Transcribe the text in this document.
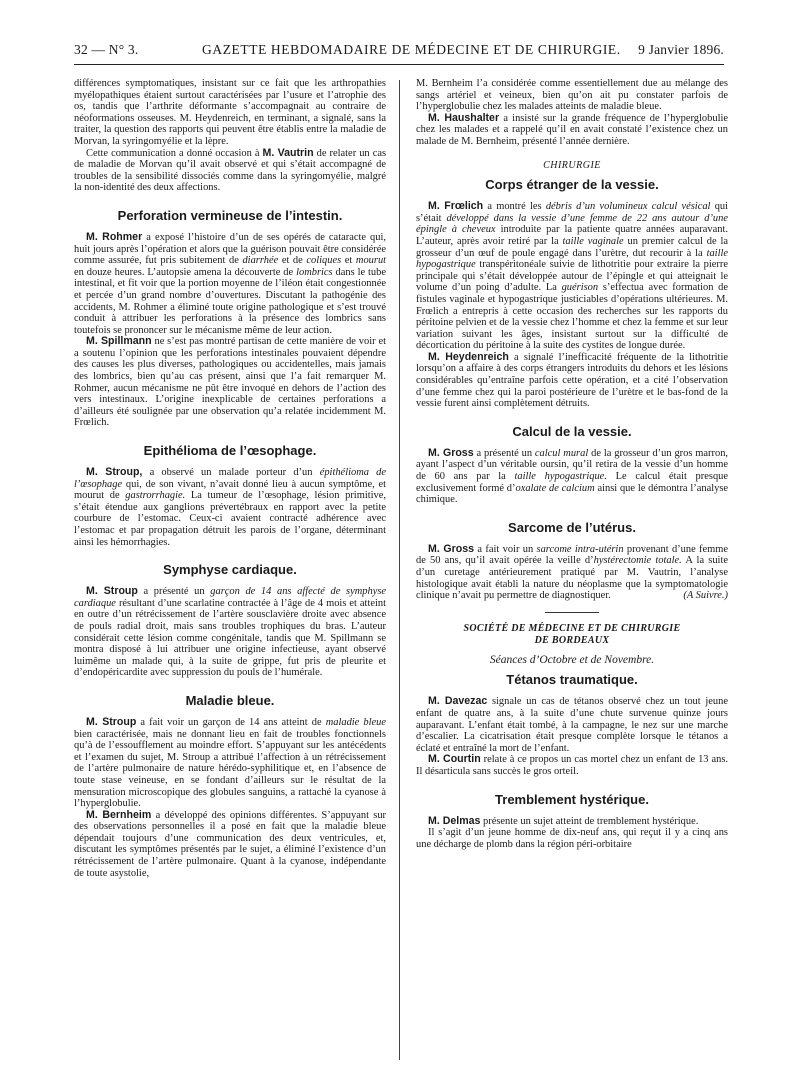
32 — N° 3.	GAZETTE HEBDOMADAIRE DE MÉDECINE ET DE CHIRURGIE. 9 Janvier 1896.

différences symptomatiques, insistant sur ce fait que les arthropathies myélopathiques étaient surtout caractérisées par l’usure et l’atrophie des os, tandis que l’arthrite déformante s’accompagnait au contraire de néoformations osseuses. M. Heydenreich, en terminant, a signalé, sans la traiter, la question des rapports qui peuvent être établis entre la maladie de Morvan, la syringomyélie et la lèpre.

Cette communication a donné occasion à M. Vautrin de relater un cas de maladie de Morvan qu’il avait observé et qui s’était accompagné de troubles de la sensibilité dissociés comme dans la syringomyélie, malgré la non-identité des deux affections.

Perforation vermineuse de l’intestin.

M. Rohmer a exposé l’histoire d’un de ses opérés de cataracte qui, huit jours après l’opération et alors que la guérison pouvait être considérée comme assurée, fut pris subitement de diarrhée et de coliques et mourut en douze heures. L’autopsie amena la découverte de lombrics dans le tube intestinal, et fit voir que la portion moyenne de l’iléon était congestionnée et percée d’un grand nombre d’ouvertures. Discutant la pathogénie des accidents, M. Rohmer a éliminé toute origine pathologique et s’est trouvé conduit à attribuer les perforations à la présence des lombrics sans toutefois se prononcer sur le mécanisme même de leur action.

M. Spillmann ne s’est pas montré partisan de cette manière de voir et a soutenu l’opinion que les perforations intestinales pouvaient dépendre des causes les plus diverses, pathologiques ou accidentelles, mais jamais des lombrics, bien qu’au cas présent, ainsi que l’a fait remarquer M. Rohmer, aucun mécanisme ne pût être invoqué en dehors de l’action des vers intestinaux. L’origine inexplicable de certaines perforations a d’ailleurs été soulignée par une observation qu’a relatée incidemment M. Frœlich.

Epithélioma de l’œsophage.

M. Stroup, a observé un malade porteur d’un épithélioma de l’œsophage qui, de son vivant, n’avait donné lieu à aucun symptôme, et mourut de gastrorrhagie. La tumeur de l’œsophage, lésion primitive, s’était étendue aux ganglions prévertébraux en rapport avec la petite courbure de l’estomac. Ceux-ci avaient contracté adhérence avec l’estomac et par propagation détruit les parois de l’organe, déterminant ainsi les hémorrhagies.

Symphyse cardiaque.

M. Stroup a présenté un garçon de 14 ans affecté de symphyse cardiaque résultant d’une scarlatine contractée à l’âge de 4 mois et atteint en outre d’un rétrécissement de l’artère sousclavière droite avec absence de pouls radial droit, mais sans troubles trophiques du bras. L’auteur considérait cette lésion comme congénitale, tandis que M. Spillmann se montra disposé à lui attribuer une origine infectieuse, ayant observé luimême un malade qui, à la suite de grippe, fut pris de pleurite et d’endopéricardite avec suppression du pouls de l’humérale.

Maladie bleue.

M. Stroup a fait voir un garçon de 14 ans atteint de maladie bleue bien caractérisée, mais ne donnant lieu en fait de troubles fonctionnels qu’à de l’essoufflement au moindre effort. S’appuyant sur les antécédents et l’examen du sujet, M. Stroup a attribué l’affection à un rétrécissement de l’artère pulmonaire de nature hérédo-syphilitique et, en l’absence de toute stase veineuse, en se fondant d’ailleurs sur le résultat de la mensuration microscopique des globules sanguins, a rattaché la cyanose à l’hyperglobulie.

M. Bernheim a développé des opinions différentes. S’appuyant sur des observations personnelles il a posé en fait que la maladie bleue dépendait toujours d’une communication des deux ventricules, et, discutant les symptômes présentés par le sujet, a éliminé l’existence d’un rétrécissement de l’artère pulmonaire. Quant à la cyanose, indépendante de toute asystolie,

M. Bernheim l’a considérée comme essentiellement due au mélange des sangs artériel et veineux, bien qu’on ait pu constater parfois de l’hyperglobulie chez les malades atteints de maladie bleue.

M. Haushalter a insisté sur la grande fréquence de l’hyperglobulie chez les malades et a rappelé qu’il en avait constaté l’existence chez un malade de M. Bernheim, présenté l’année dernière.

CHIRURGIE
Corps étranger de la vessie.

M. Frœlich a montré les débris d’un volumineux calcul vésical qui s’était développé dans la vessie d’une femme de 22 ans autour d’une épingle à cheveux introduite par la patiente quatre années auparavant. L’auteur, après avoir retiré par la taille vaginale un premier calcul de la grosseur d’un œuf de poule engagé dans l’urètre, dut recourir à la taille hypogastrique transpéritonéale suivie de lithotritie pour extraire la pierre principale qui s’était développée autour de l’épingle et qui atteignait le volume d’un poing d’adulte. La guérison s’effectua avec formation de fistules vaginale et hypogastrique justiciables d’opérations ultérieures. M. Frœlich a entrepris à cette occasion des recherches sur les rapports du péritoine pelvien et de la vessie chez l’homme et chez la femme et sur leur variation suivant les âges, insistant surtout sur la difficulté de décortication du péritoine à la suite des cystites de longue durée.

M. Heydenreich a signalé l’inefficacité fréquente de la lithotritie lorsqu’on a affaire à des corps étrangers introduits du dehors et les lésions considérables qu’entraîne parfois cette opération, et a cité l’observation d’une femme chez qui la paroi postérieure de l’urètre et le bas-fond de la vessie furent ainsi complètement détruits.

Calcul de la vessie.

M. Gross a présenté un calcul mural de la grosseur d’un gros marron, ayant l’aspect d’un véritable oursin, qu’il retira de la vessie d’un homme de 60 ans par la taille hypogastrique. Le calcul était presque exclusivement formé d’oxalate de calcium ainsi que le démontra l’analyse chimique.

Sarcome de l’utérus.

M. Gross a fait voir un sarcome intra-utérin provenant d’une femme de 50 ans, qu’il avait opérée la veille d’hystérectomie totale. A la suite d’un curetage antérieurement pratiqué par M. Vautrin, l’analyse histologique avait établi la nature du néoplasme que la symptomatologie clinique n’avait pu permettre de diagnostiquer.	(A Suivre.)

SOCIÉTÉ DE MÉDECINE ET DE CHIRURGIE
DE BORDEAUX
Séances d’Octobre et de Novembre.
Tétanos traumatique.

M. Davezac signale un cas de tétanos observé chez un tout jeune enfant de quatre ans, à la suite d’une chute survenue quinze jours auparavant. L’enfant était tombé, à la campagne, le nez sur une marche d’escalier. La cicatrisation était presque complète lorsque le tétanos a éclaté et entraîné la mort de l’enfant.

M. Courtin relate à ce propos un cas mortel chez un enfant de 13 ans. Il désarticula sans succès le gros orteil.

Tremblement hystérique.

M. Delmas présente un sujet atteint de tremblement hystérique.

Il s’agit d’un jeune homme de dix-neuf ans, qui reçut il y a cinq ans une décharge de plomb dans la région péri-orbitaire
